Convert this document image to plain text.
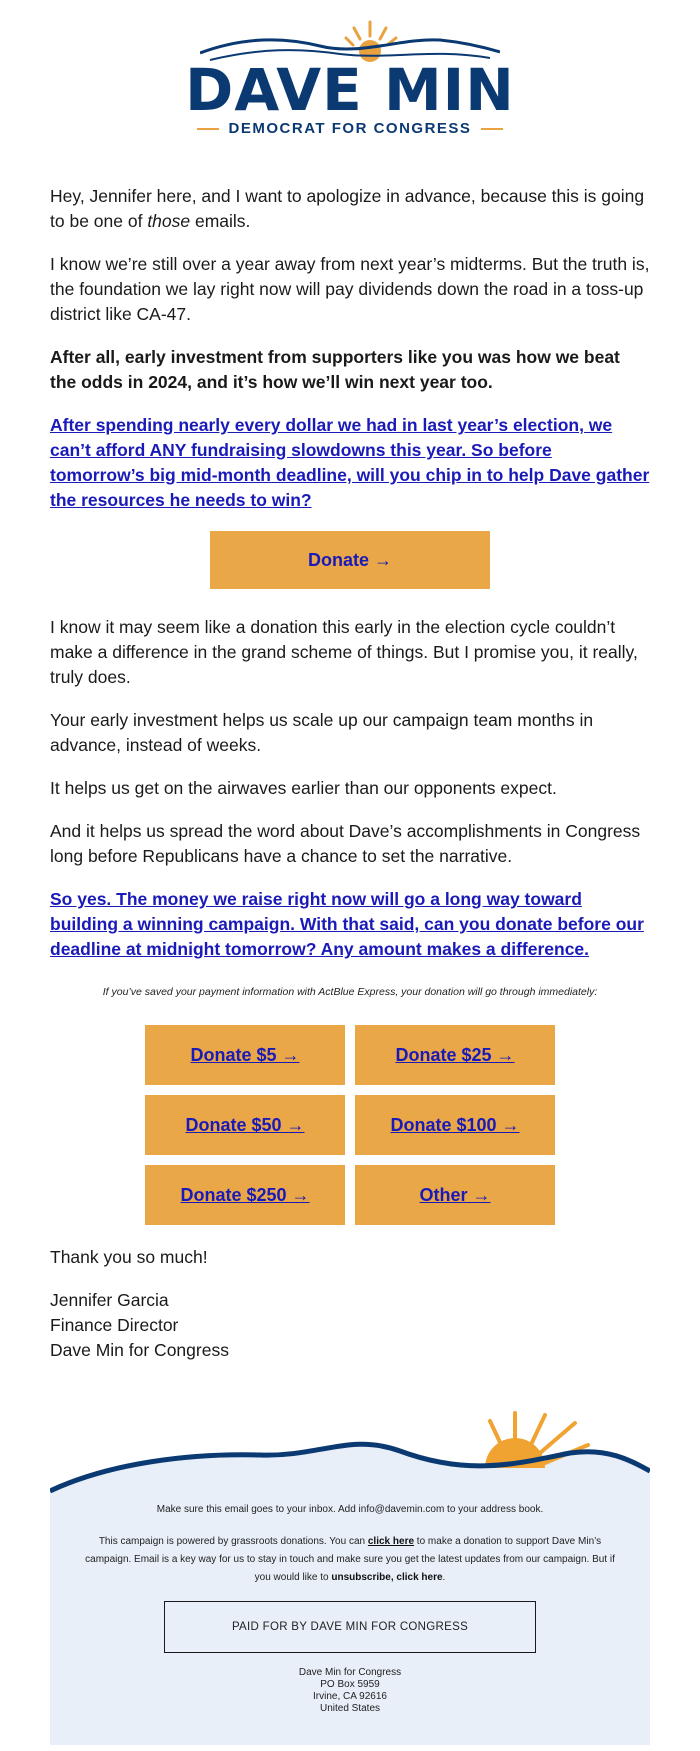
DAVE MIN
DEMOCRAT FOR CONGRESS

Hey, Jennifer here, and I want to apologize in advance, because this is going to be one of those emails.

I know we’re still over a year away from next year’s midterms. But the truth is, the foundation we lay right now will pay dividends down the road in a toss-up district like CA-47.

After all, early investment from supporters like you was how we beat the odds in 2024, and it’s how we’ll win next year too.

After spending nearly every dollar we had in last year’s election, we can’t afford ANY fundraising slowdowns this year. So before tomorrow’s big mid-month deadline, will you chip in to help Dave gather the resources he needs to win?

Donate →

I know it may seem like a donation this early in the election cycle couldn’t make a difference in the grand scheme of things. But I promise you, it really, truly does.

Your early investment helps us scale up our campaign team months in advance, instead of weeks.

It helps us get on the airwaves earlier than our opponents expect.

And it helps us spread the word about Dave’s accomplishments in Congress long before Republicans have a chance to set the narrative.

So yes. The money we raise right now will go a long way toward building a winning campaign. With that said, can you donate before our deadline at midnight tomorrow? Any amount makes a difference.

If you’ve saved your payment information with ActBlue Express, your donation will go through immediately:
Donate $5 →	Donate $25 →
Donate $50 →	Donate $100 →
Donate $250 →	Other →

Thank you so much!

Jennifer Garcia

Finance Director

Dave Min for Congress

Make sure this email goes to your inbox. Add info@davemin.com to your address book.

This campaign is powered by grassroots donations. You can click here to make a donation to support Dave Min’s campaign. Email is a key way for us to stay in touch and make sure you get the latest updates from our campaign. But if you would like to unsubscribe, click here.

PAID FOR BY DAVE MIN FOR CONGRESS
Dave Min for Congress
PO Box 5959
Irvine, CA 92616
United States
